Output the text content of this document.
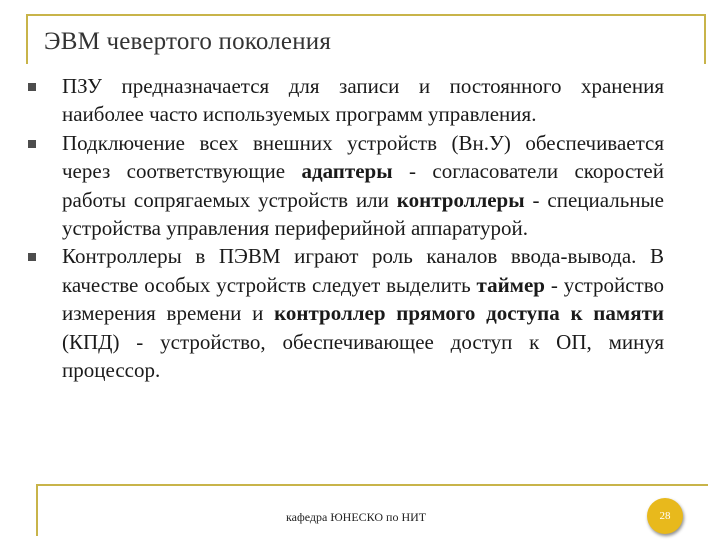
ЭВМ чевертого поколения
ПЗУ предназначается для записи и постоянного хранения наиболее часто используемых программ управления.
Подключение всех внешних устройств (Вн.У) обеспечивается через соответствующие адаптеры - согласователи скоростей работы сопрягаемых устройств или контроллеры - специальные устройства управления периферийной аппаратурой.
Контроллеры в ПЭВМ играют роль каналов ввода-вывода. В качестве особых устройств следует выделить таймер - устройство измерения времени и контроллер прямого доступа к памяти (КПД) - устройство, обеспечивающее доступ к ОП, минуя процессор.
кафедра ЮНЕСКО по НИТ	28
